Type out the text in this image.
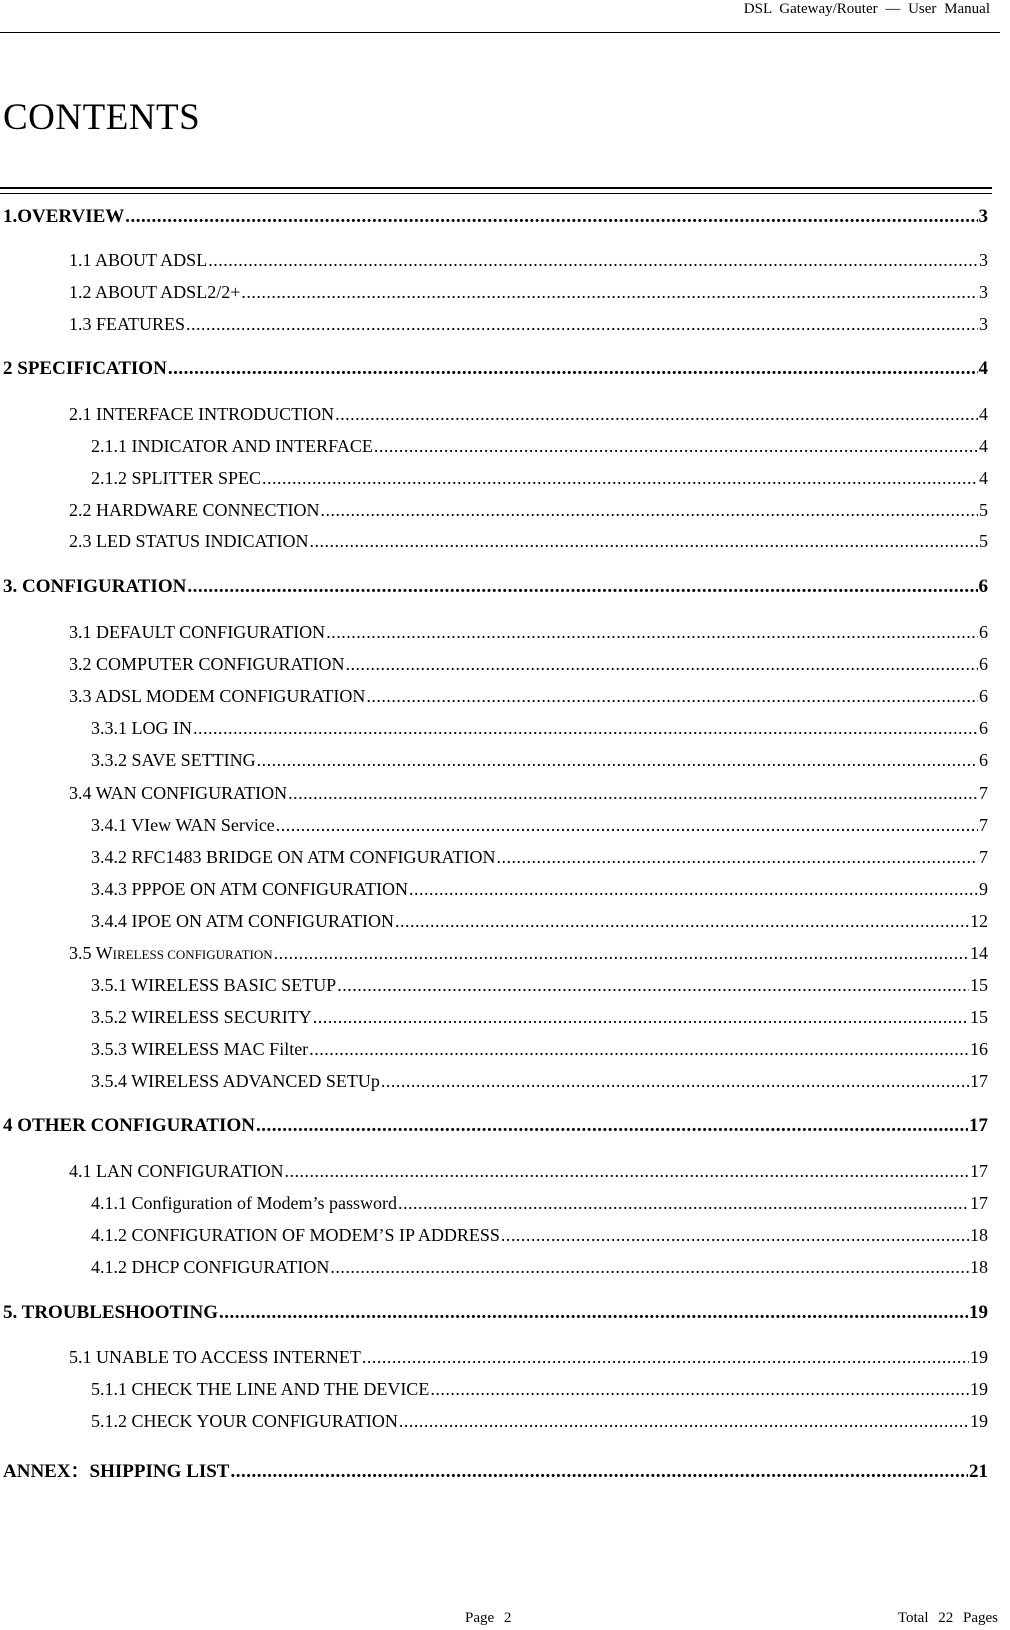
DSL Gateway/Router — User Manual
CONTENTS
1.OVERVIEW .....	3
1.1 ABOUT ADSL .....	3
1.2 ABOUT ADSL2/2+ .....	3
1.3 FEATURES .....	3
2 SPECIFICATION .....	4
2.1 INTERFACE INTRODUCTION .....	4
2.1.1 INDICATOR AND INTERFACE .....	4
2.1.2 SPLITTER SPEC .....	4
2.2 HARDWARE CONNECTION .....	5
2.3 LED STATUS INDICATION .....	5
3. CONFIGURATION .....	6
3.1 DEFAULT CONFIGURATION .....	6
3.2 COMPUTER CONFIGURATION .....	6
3.3 ADSL MODEM CONFIGURATION .....	6
3.3.1 LOG IN .....	6
3.3.2 SAVE SETTING .....	6
3.4 WAN CONFIGURATION .....	7
3.4.1 VIew WAN Service .....	7
3.4.2 RFC1483 BRIDGE ON ATM CONFIGURATION .....	7
3.4.3 PPPOE ON ATM CONFIGURATION .....	9
3.4.4 IPOE ON ATM CONFIGURATION .....	12
3.5 WIRELESS CONFIGURATION .....	14
3.5.1 WIRELESS BASIC SETUP .....	15
3.5.2 WIRELESS SECURITY .....	15
3.5.3 WIRELESS MAC Filter .....	16
3.5.4 WIRELESS ADVANCED SETUp .....	17
4 OTHER CONFIGURATION .....	17
4.1 LAN CONFIGURATION .....	17
4.1.1 Configuration of Modem’s password .....	17
4.1.2 CONFIGURATION OF MODEM’S IP ADDRESS .....	18
4.1.2 DHCP CONFIGURATION .....	18
5. TROUBLESHOOTING .....	19
5.1 UNABLE TO ACCESS INTERNET .....	19
5.1.1 CHECK THE LINE AND THE DEVICE .....	19
5.1.2 CHECK YOUR CONFIGURATION .....	19
ANNEX：SHIPPING LIST .....	21
Page 2	Total 22 Pages
